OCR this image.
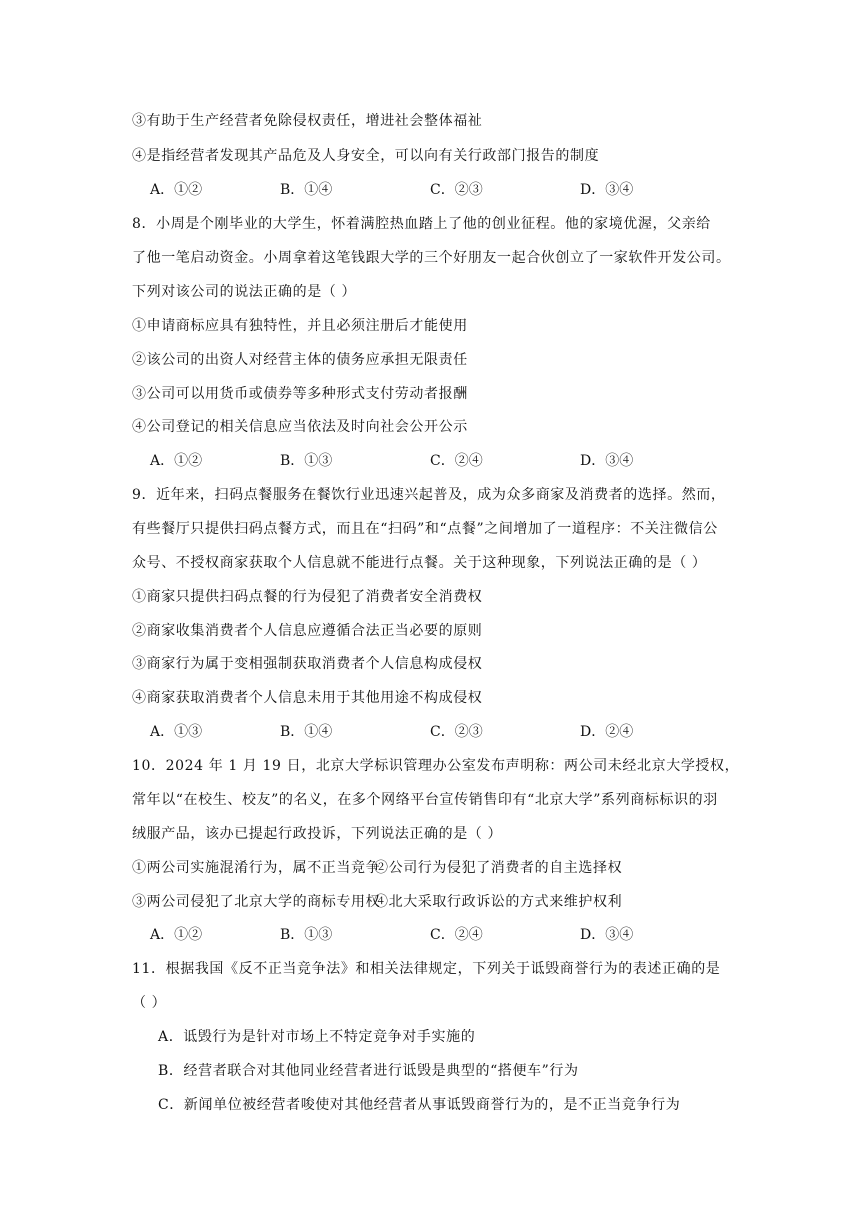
③有助于生产经营者免除侵权责任，增进社会整体福祉
④是指经营者发现其产品危及人身安全，可以向有关行政部门报告的制度
A．①②	B．①④	C．②③	D．③④
8．小周是个刚毕业的大学生，怀着满腔热血踏上了他的创业征程。他的家境优渥，父亲给
了他一笔启动资金。小周拿着这笔钱跟大学的三个好朋友一起合伙创立了一家软件开发公司。
下列对该公司的说法正确的是（ ）
①申请商标应具有独特性，并且必须注册后才能使用
②该公司的出资人对经营主体的债务应承担无限责任
③公司可以用货币或债券等多种形式支付劳动者报酬
④公司登记的相关信息应当依法及时向社会公开公示
A．①②	B．①③	C．②④	D．③④
9．近年来，扫码点餐服务在餐饮行业迅速兴起普及，成为众多商家及消费者的选择。然而，
有些餐厅只提供扫码点餐方式，而且在“扫码”和“点餐”之间增加了一道程序：不关注微信公
众号、不授权商家获取个人信息就不能进行点餐。关于这种现象，下列说法正确的是（ ）
①商家只提供扫码点餐的行为侵犯了消费者安全消费权
②商家收集消费者个人信息应遵循合法正当必要的原则
③商家行为属于变相强制获取消费者个人信息构成侵权
④商家获取消费者个人信息未用于其他用途不构成侵权
A．①③	B．①④	C．②③	D．②④
10．2024 年 1 月 19 日，北京大学标识管理办公室发布声明称：两公司未经北京大学授权，
常年以“在校生、校友”的名义，在多个网络平台宣传销售印有“北京大学”系列商标标识的羽
绒服产品，该办已提起行政投诉，下列说法正确的是（ ）
①两公司实施混淆行为，属不正当竞争
②公司行为侵犯了消费者的自主选择权
③两公司侵犯了北京大学的商标专用权
④北大采取行政诉讼的方式来维护权利
A．①②	B．①③	C．②④	D．③④
11．根据我国《反不正当竞争法》和相关法律规定，下列关于诋毁商誉行为的表述正确的是
（ ）
A．诋毁行为是针对市场上不特定竞争对手实施的
B．经营者联合对其他同业经营者进行诋毁是典型的“搭便车”行为
C．新闻单位被经营者唆使对其他经营者从事诋毁商誉行为的，是不正当竞争行为
